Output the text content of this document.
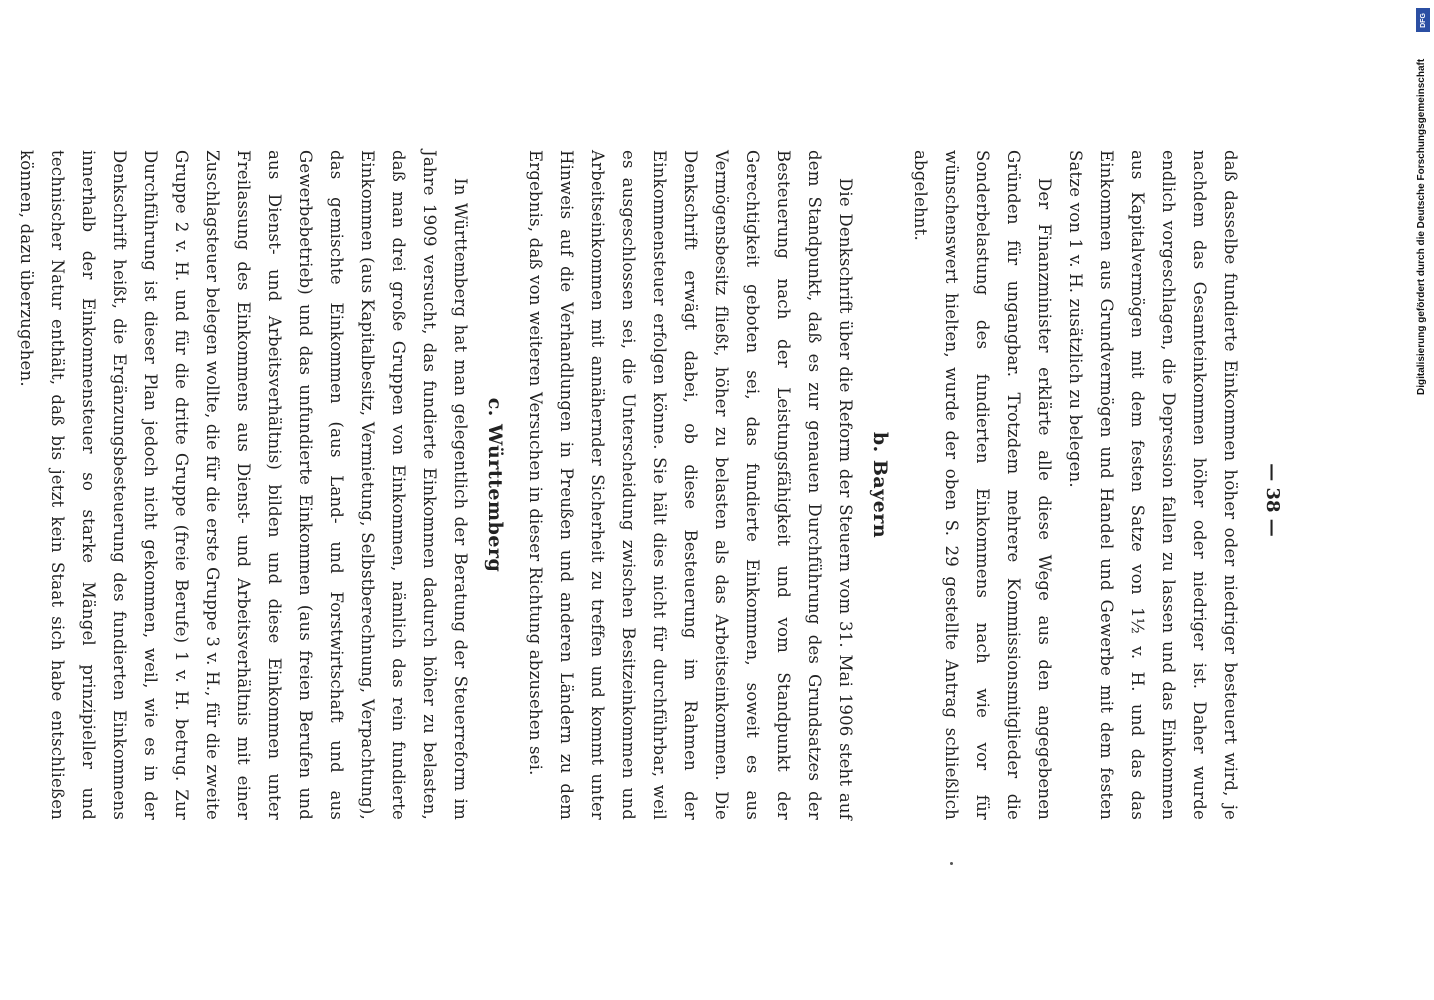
— 38 —

daß dasselbe fundierte Einkommen höher oder niedriger besteuert wird, je nachdem das Gesamteinkommen höher oder niedriger ist. Daher wurde endlich vorgeschlagen, die Depression fallen zu lassen und das Einkommen aus Kapitalvermögen mit dem festen Satze von 1½ v. H. und das das Einkommen aus Grundvermögen und Handel und Gewerbe mit dem festen Satze von 1 v. H. zusätzlich zu belegen.

Der Finanzminister erklärte alle diese Wege aus den angegebenen Gründen für ungangbar. Trotzdem mehrere Kommissionsmitglieder die Sonderbelastung des fundierten Einkommens nach wie vor für wünschenswert hielten, wurde der oben S. 29 gestellte Antrag schließlich abgelehnt.

b. Bayern

Die Denkschrift über die Reform der Steuern vom 31. Mai 1906 steht auf dem Standpunkt, daß es zur genauen Durchführung des Grundsatzes der Besteuerung nach der Leistungsfähigkeit und vom Standpunkt der Gerechtigkeit geboten sei, das fundierte Einkommen, soweit es aus Vermögensbesitz fließt, höher zu belasten als das Arbeitseinkommen. Die Denkschrift erwägt dabei, ob diese Besteuerung im Rahmen der Einkommensteuer erfolgen könne. Sie hält dies nicht für durchführbar, weil es ausgeschlossen sei, die Unterscheidung zwischen Besitzeinkommen und Arbeitseinkommen mit annähernder Sicherheit zu treffen und kommt unter Hinweis auf die Verhandlungen in Preußen und anderen Ländern zu dem Ergebnis, daß von weiteren Versuchen in dieser Richtung abzusehen sei.

c. Württemberg

In Württemberg hat man gelegentlich der Beratung der Steuerreform im Jahre 1909 versucht, das fundierte Einkommen dadurch höher zu belasten, daß man drei große Gruppen von Einkommen, nämlich das rein fundierte Einkommen (aus Kapitalbesitz, Vermietung, Selbstberechnung, Verpachtung), das gemischte Einkommen (aus Land- und Forstwirtschaft und aus Gewerbebetrieb) und das unfundierte Einkommen (aus freien Berufen und aus Dienst- und Arbeitsverhältnis) bilden und diese Einkommen unter Freilassung des Einkommens aus Dienst- und Arbeitsverhältnis mit einer Zuschlagsteuer belegen wollte, die für die erste Gruppe 3 v. H., für die zweite Gruppe 2 v. H. und für die dritte Gruppe (freie Berufe) 1 v. H. betrug. Zur Durchführung ist dieser Plan jedoch nicht gekommen, weil, wie es in der Denkschrift heißt, die Ergänzungsbesteuerung des fundierten Einkommens innerhalb der Einkommensteuer so starke Mängel prinzipieller und technischer Natur enthält, daß bis jetzt kein Staat sich habe entschließen können, dazu überzugehen.

DFG
Digitalisierung gefördert durch die Deutsche Forschungsgemeinschaft
